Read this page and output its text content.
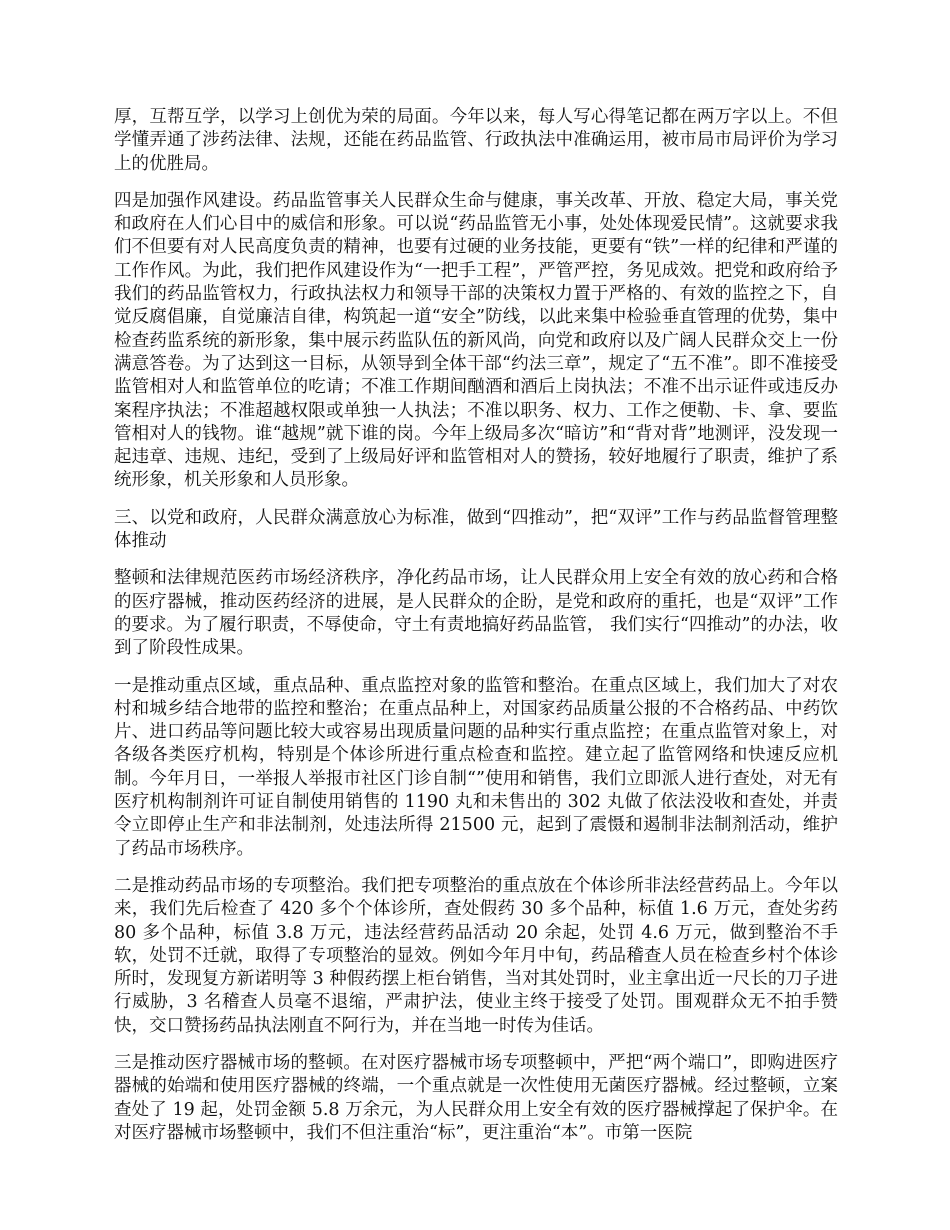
厚，互帮互学，以学习上创优为荣的局面。今年以来，每人写心得笔记都在两万字以上。不但学懂弄通了涉药法律、法规，还能在药品监管、行政执法中准确运用，被市局市局评价为学习上的优胜局。

四是加强作风建设。药品监管事关人民群众生命与健康，事关改革、开放、稳定大局，事关党和政府在人们心目中的威信和形象。可以说“药品监管无小事，处处体现爱民情”。这就要求我们不但要有对人民高度负责的精神，也要有过硬的业务技能，更要有“铁”一样的纪律和严谨的工作作风。为此，我们把作风建设作为“一把手工程”，严管严控，务见成效。把党和政府给予我们的药品监管权力，行政执法权力和领导干部的决策权力置于严格的、有效的监控之下，自觉反腐倡廉，自觉廉洁自律，构筑起一道“安全”防线，以此来集中检验垂直管理的优势，集中检查药监系统的新形象，集中展示药监队伍的新风尚，向党和政府以及广阔人民群众交上一份满意答卷。为了达到这一目标，从领导到全体干部“约法三章”，规定了“五不准”。即不准接受监管相对人和监管单位的吃请；不准工作期间酗酒和酒后上岗执法；不准不出示证件或违反办案程序执法；不准超越权限或单独一人执法；不准以职务、权力、工作之便勒、卡、拿、要监管相对人的钱物。谁“越规”就下谁的岗。今年上级局多次“暗访”和“背对背”地测评，没发现一起违章、违规、违纪，受到了上级局好评和监管相对人的赞扬，较好地履行了职责，维护了系统形象，机关形象和人员形象。

三、以党和政府，人民群众满意放心为标准，做到“四推动”，把“双评”工作与药品监督管理整体推动

整顿和法律规范医药市场经济秩序，净化药品市场，让人民群众用上安全有效的放心药和合格的医疗器械，推动医药经济的进展，是人民群众的企盼，是党和政府的重托，也是“双评”工作的要求。为了履行职责，不辱使命，守土有责地搞好药品监管， 我们实行“四推动”的办法，收到了阶段性成果。

一是推动重点区域，重点品种、重点监控对象的监管和整治。在重点区域上，我们加大了对农村和城乡结合地带的监控和整治；在重点品种上，对国家药品质量公报的不合格药品、中药饮片、进口药品等问题比较大或容易出现质量问题的品种实行重点监控；在重点监管对象上，对各级各类医疗机构，特别是个体诊所进行重点检查和监控。建立起了监管网络和快速反应机制。今年月日，一举报人举报市社区门诊自制“”使用和销售，我们立即派人进行查处，对无有医疗机构制剂许可证自制使用销售的 1190 丸和未售出的 302 丸做了依法没收和查处，并责令立即停止生产和非法制剂，处违法所得 21500 元，起到了震慑和遏制非法制剂活动，维护了药品市场秩序。

二是推动药品市场的专项整治。我们把专项整治的重点放在个体诊所非法经营药品上。今年以来，我们先后检查了 420 多个个体诊所，查处假药 30 多个品种，标值 1.6 万元，查处劣药 80 多个品种，标值 3.8 万元，违法经营药品活动 20 余起，处罚 4.6 万元，做到整治不手软，处罚不迁就，取得了专项整治的显效。例如今年月中旬，药品稽查人员在检查乡村个体诊所时，发现复方新诺明等 3 种假药摆上柜台销售，当对其处罚时，业主拿出近一尺长的刀子进行威胁，3 名稽查人员毫不退缩，严肃护法，使业主终于接受了处罚。围观群众无不拍手赞快，交口赞扬药品执法刚直不阿行为，并在当地一时传为佳话。

三是推动医疗器械市场的整顿。在对医疗器械市场专项整顿中，严把“两个端口”，即购进医疗器械的始端和使用医疗器械的终端，一个重点就是一次性使用无菌医疗器械。经过整顿，立案查处了 19 起，处罚金额 5.8 万余元，为人民群众用上安全有效的医疗器械撑起了保护伞。在对医疗器械市场整顿中，我们不但注重治“标”，更注重治“本”。市第一医院
